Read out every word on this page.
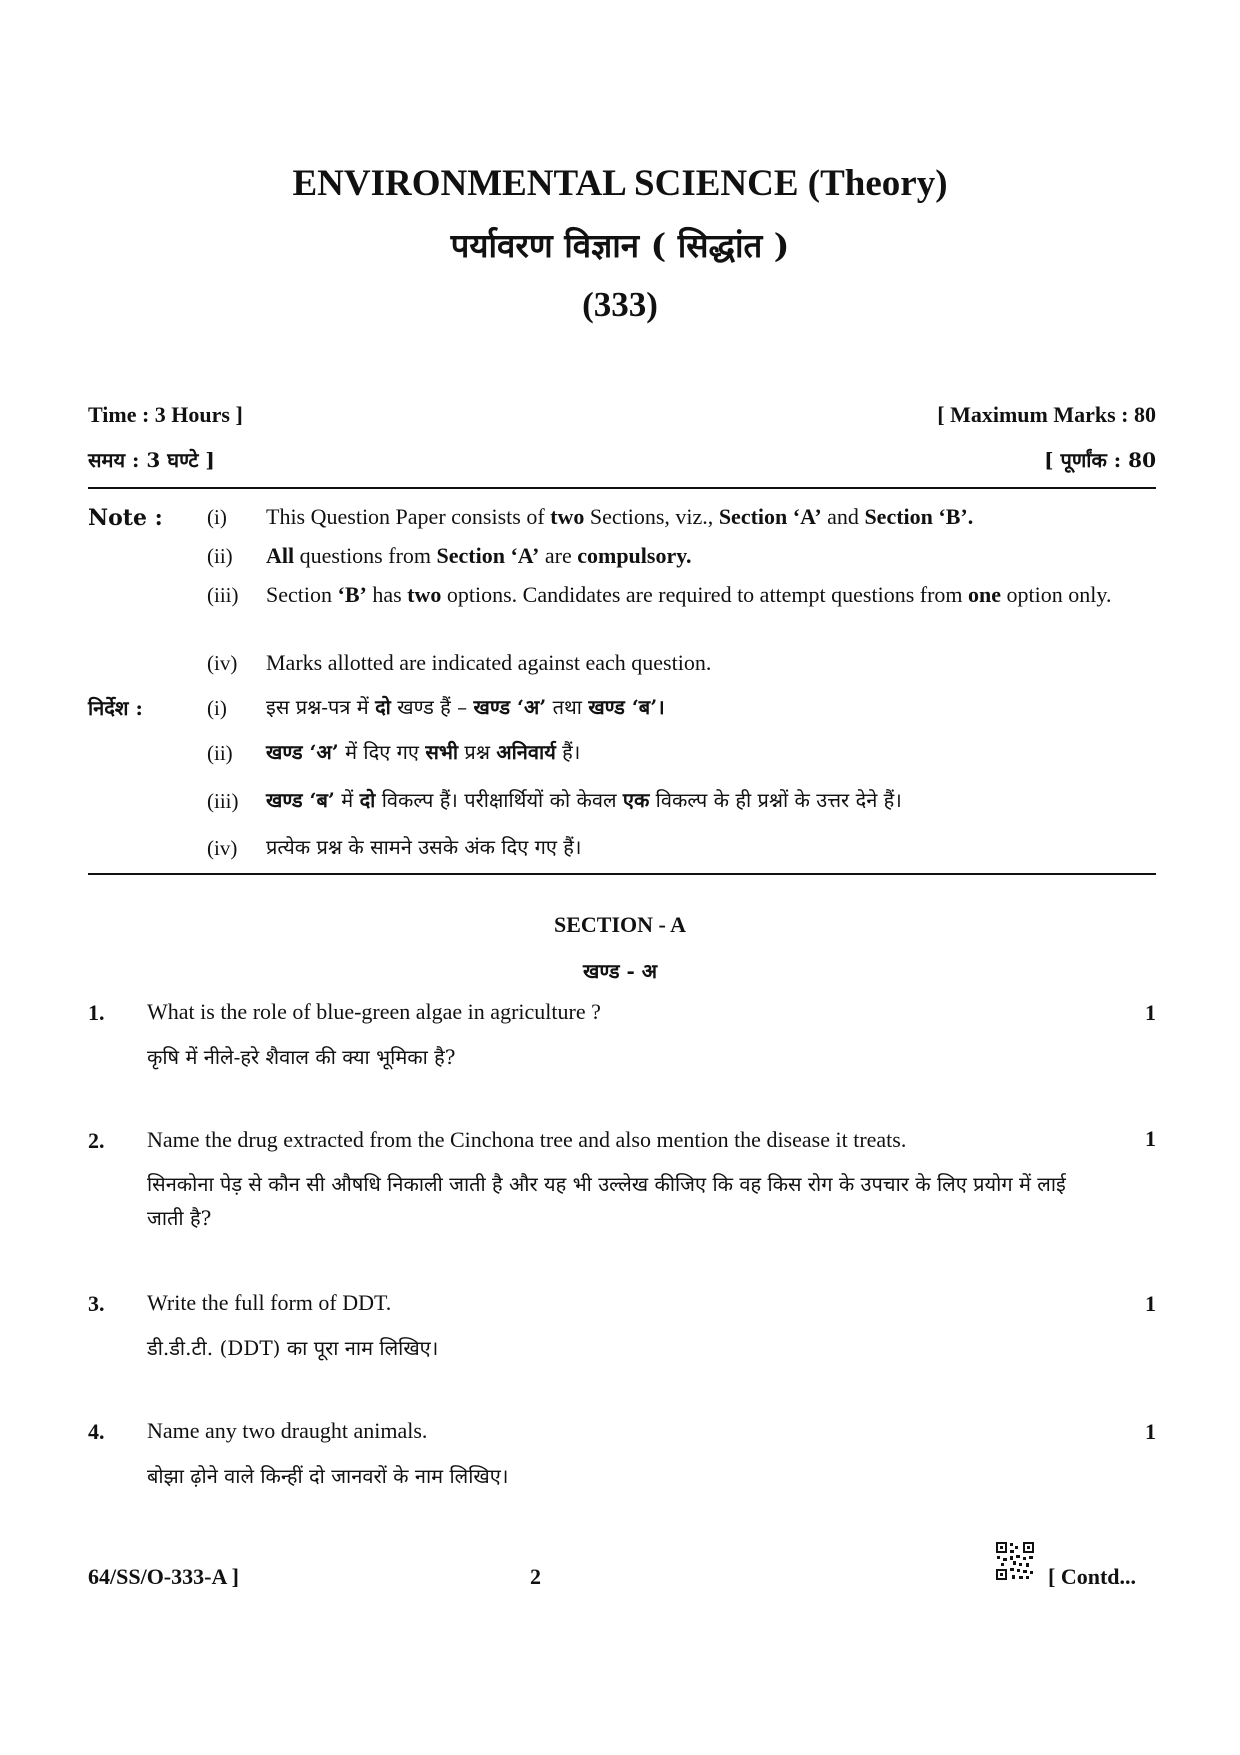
ENVIRONMENTAL SCIENCE (Theory)
पर्यावरण विज्ञान ( सिद्धांत )
(333)
Time : 3 Hours ]	[ Maximum Marks : 80
समय : 3 घण्टे ]	[ पूर्णांक : 80
Note : (i) This Question Paper consists of two Sections, viz., Section ‘A’ and Section ‘B’.
(ii) All questions from Section ‘A’ are compulsory.
(iii) Section ‘B’ has two options. Candidates are required to attempt questions from one option only.
(iv) Marks allotted are indicated against each question.
निर्देश :	(i) इस प्रश्न-पत्र में दो खण्ड हैं – खण्ड ‘अ’ तथा खण्ड ‘ब’।
(ii) खण्ड ‘अ’ में दिए गए सभी प्रश्न अनिवार्य हैं।
(iii) खण्ड ‘ब’ में दो विकल्प हैं। परीक्षार्थियों को केवल एक विकल्प के ही प्रश्नों के उत्तर देने हैं।
(iv) प्रत्येक प्रश्न के सामने उसके अंक दिए गए हैं।
SECTION - A
खण्ड - अ
1. What is the role of blue-green algae in agriculture ?	1
कृषि में नीले-हरे शैवाल की क्या भूमिका है?
2. Name the drug extracted from the Cinchona tree and also mention the disease it treats.	1
सिनकोना पेड़ से कौन सी औषधि निकाली जाती है और यह भी उल्लेख कीजिए कि वह किस रोग के उपचार के लिए प्रयोग में लाई जाती है?
3. Write the full form of DDT.	1
डी.डी.टी. (DDT) का पूरा नाम लिखिए।
4. Name any two draught animals.	1
बोझा ढ़ोने वाले किन्हीं दो जानवरों के नाम लिखिए।
64/SS/O-333-A ]	2	[ Contd...
